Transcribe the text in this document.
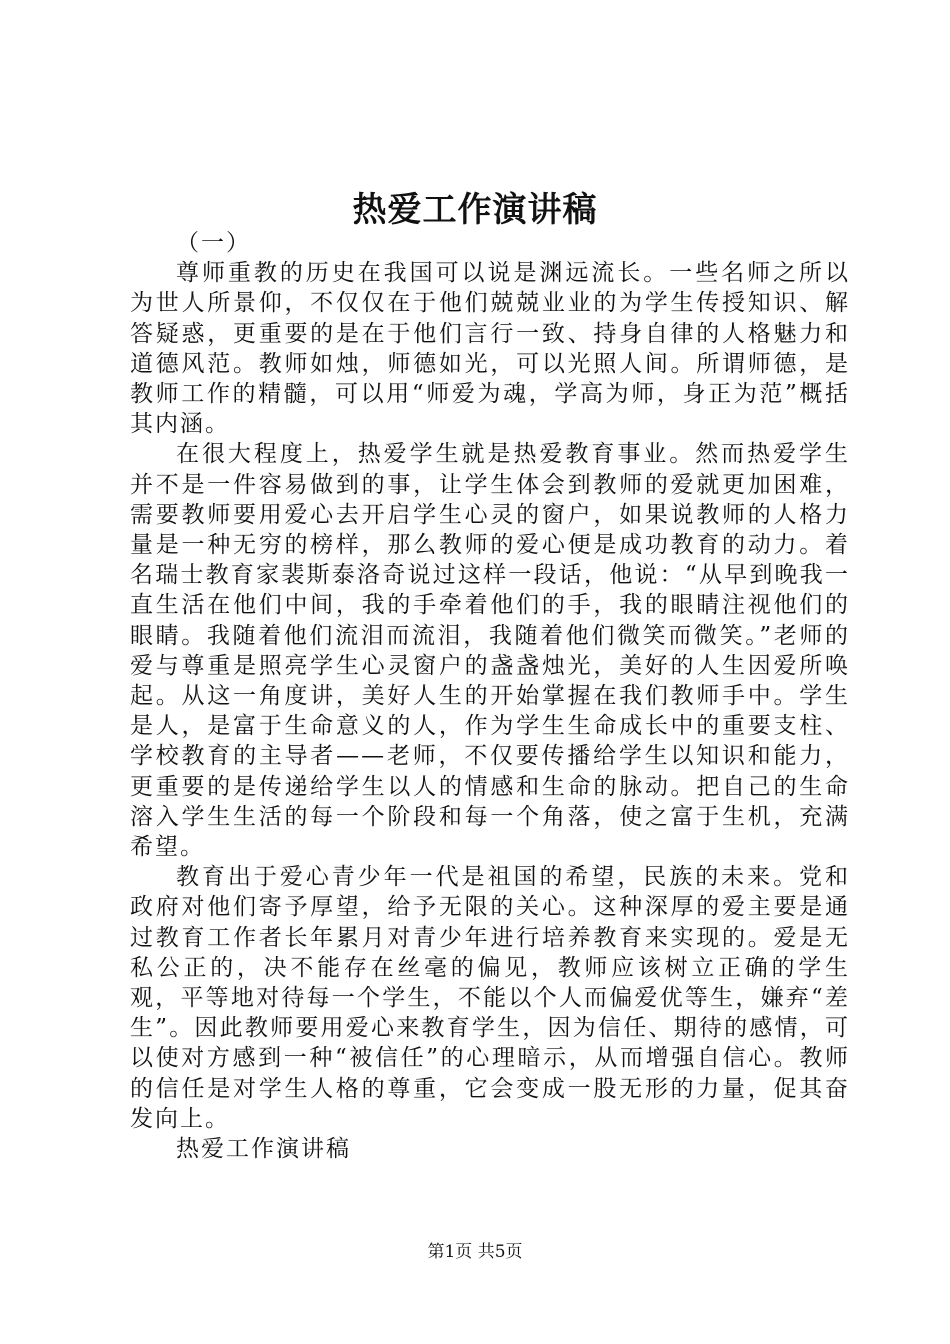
热爱工作演讲稿

（一）

尊师重教的历史在我国可以说是渊远流长。一些名师之所以为世人所景仰，不仅仅在于他们兢兢业业的为学生传授知识、解答疑惑，更重要的是在于他们言行一致、持身自律的人格魅力和道德风范。教师如烛，师德如光，可以光照人间。所谓师德，是教师工作的精髓，可以用“师爱为魂，学高为师，身正为范”概括其内涵。

在很大程度上，热爱学生就是热爱教育事业。然而热爱学生并不是一件容易做到的事，让学生体会到教师的爱就更加困难，需要教师要用爱心去开启学生心灵的窗户，如果说教师的人格力量是一种无穷的榜样，那么教师的爱心便是成功教育的动力。着名瑞士教育家裴斯泰洛奇说过这样一段话，他说：“从早到晚我一直生活在他们中间，我的手牵着他们的手，我的眼睛注视他们的眼睛。我随着他们流泪而流泪，我随着他们微笑而微笑。”老师的爱与尊重是照亮学生心灵窗户的盏盏烛光，美好的人生因爱所唤起。从这一角度讲，美好人生的开始掌握在我们教师手中。学生是人，是富于生命意义的人，作为学生生命成长中的重要支柱、学校教育的主导者——老师，不仅要传播给学生以知识和能力，更重要的是传递给学生以人的情感和生命的脉动。把自己的生命溶入学生生活的每一个阶段和每一个角落，使之富于生机，充满希望。

教育出于爱心青少年一代是祖国的希望，民族的未来。党和政府对他们寄予厚望，给予无限的关心。这种深厚的爱主要是通过教育工作者长年累月对青少年进行培养教育来实现的。爱是无私公正的，决不能存在丝毫的偏见，教师应该树立正确的学生观，平等地对待每一个学生，不能以个人而偏爱优等生，嫌弃“差生”。因此教师要用爱心来教育学生，因为信任、期待的感情，可以使对方感到一种“被信任”的心理暗示，从而增强自信心。教师的信任是对学生人格的尊重，它会变成一股无形的力量，促其奋发向上。

热爱工作演讲稿

第1页 共5页
